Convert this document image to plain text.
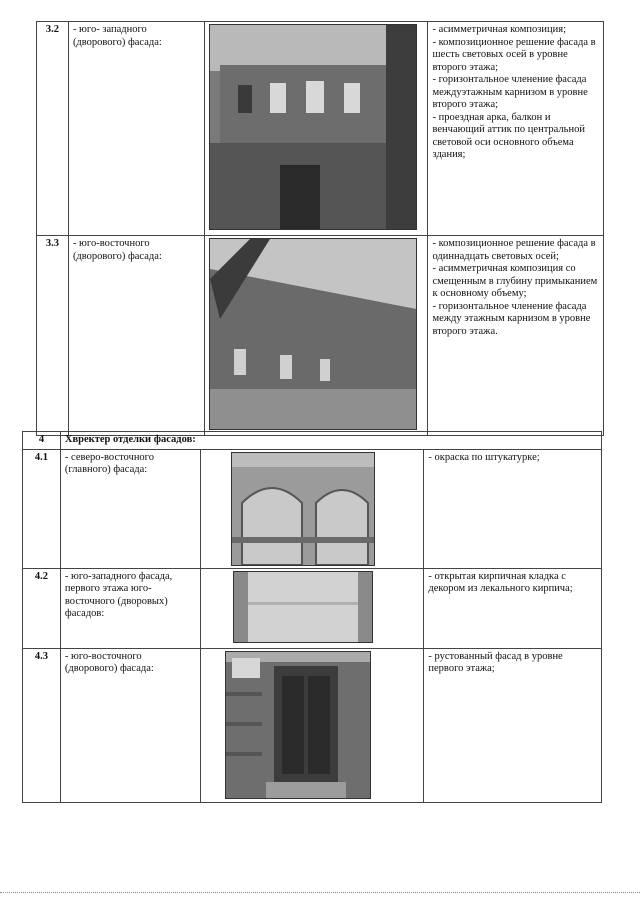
3.2	- юго- западного (дворового) фасада:		- асимметричная композиция;
- композиционное решение фасада в шесть световых осей в уровне второго этажа;
- горизонтальное членение фасада междуэтажным карнизом в уровне второго этажа;
- проездная арка, балкон и венчающий аттик по центральной световой оси основного объема здания;
3.3	- юго-восточного (дворового) фасада:		- композиционное решение фасада в одиннадцать световых осей;
- асимметричная композиция со смещенным в глубину примыканием к основному объему;
- горизонтальное членение фасада между этажным карнизом в уровне второго этажа.
4	Хвректер отделки фасадов:		
4.1	- северо-восточного (главного) фасада:		- окраска по штукатурке;
4.2	- юго-западного фасада, первого этажа юго-восточного (дворовых) фасадов:		- открытая кирпичная кладка с декором из лекального кирпича;
4.3	- юго-восточного (дворового) фасада:		- рустованный фасад в уровне первого этажа;
